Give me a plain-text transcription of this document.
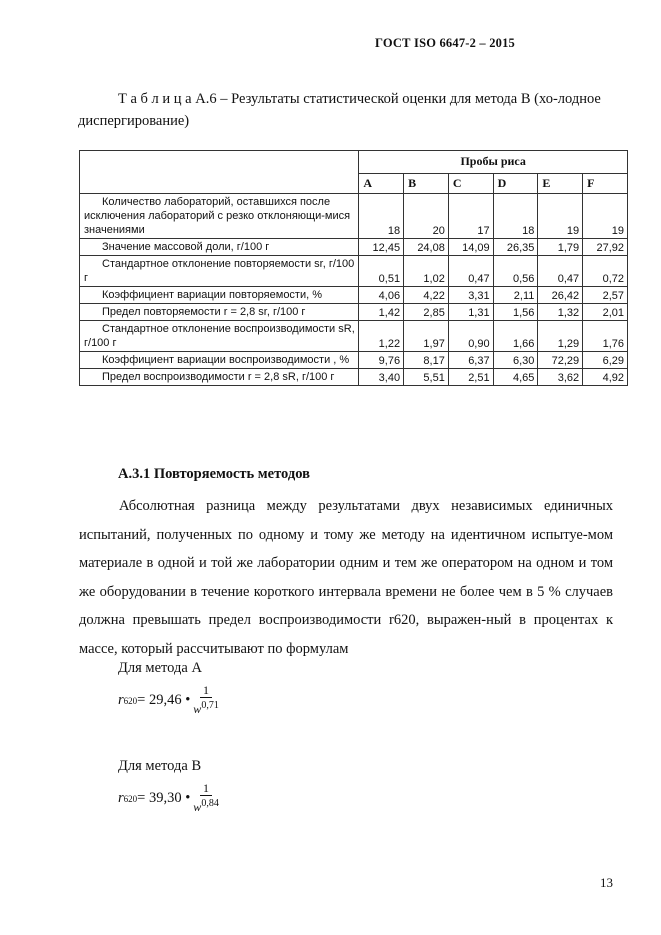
ГОСТ ISO 6647-2 – 2015
Т а б л и ц а А.6 – Результаты статистической оценки для метода В (хо-лодное диспергирование)
	Пробы риса					
	A	B	C	D	E	F
Количество лабораторий, оставшихся после исключения лабораторий с резко отклоняющи-мися значениями	18	20	17	18	19	19
Значение массовой доли, г/100 г	12,45	24,08	14,09	26,35	1,79	27,92
Стандартное отклонение повторяемости sr, г/100 г	0,51	1,02	0,47	0,56	0,47	0,72
Коэффициент вариации повторяемости, %	4,06	4,22	3,31	2,11	26,42	2,57
Предел повторяемости r = 2,8 sr, г/100 г	1,42	2,85	1,31	1,56	1,32	2,01
Стандартное отклонение воспроизводимости sR, г/100 г	1,22	1,97	0,90	1,66	1,29	1,76
Коэффициент вариации воспроизводимости , %	9,76	8,17	6,37	6,30	72,29	6,29
Предел воспроизводимости r = 2,8 sR, г/100 г	3,40	5,51	2,51	4,65	3,62	4,92
А.3.1 Повторяемость методов
Абсолютная разница между результатами двух независимых единичных испытаний, полученных по одному и тому же методу на идентичном испытуе-мом материале в одной и той же лаборатории одним и тем же оператором на одном и том же оборудовании в течение короткого интервала времени не более чем в 5 % случаев должна превышать предел воспроизводимости r620, выражен-ный в процентах к массе, который рассчитывают по формулам
Для метода А
r 620 = 29,46 • $\frac{1}{w^{0,71}}$
Для метода В
r 620 = 39,30 • $\frac{1}{w^{0,84}}$
13
